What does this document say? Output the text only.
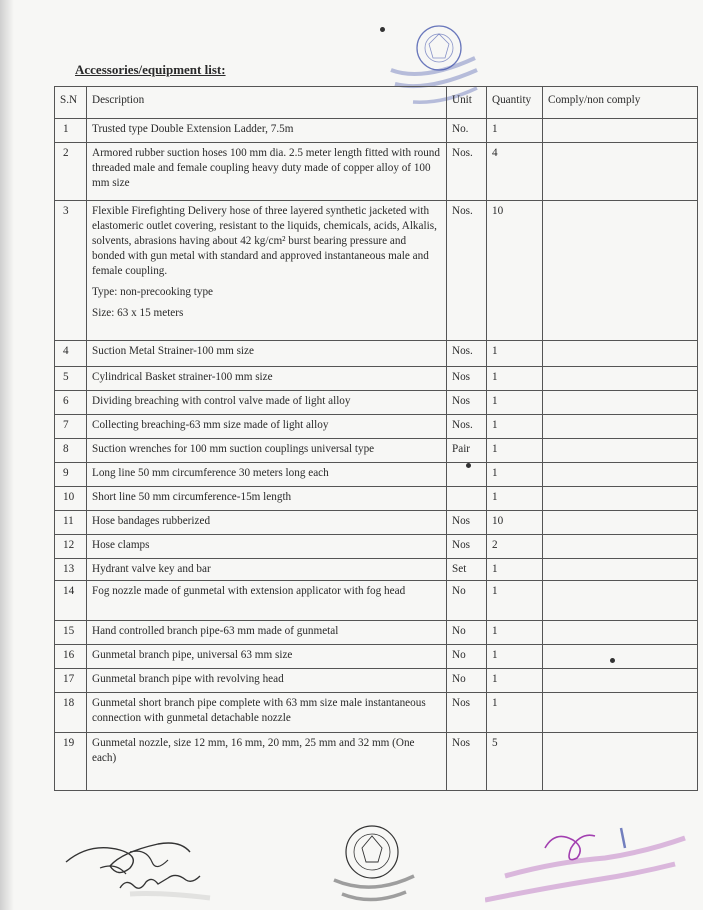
Accessories/equipment list:
S.N	Description	Unit	Quantity	Comply/non comply
1	Trusted type Double Extension Ladder, 7.5m	No.	1	
2	Armored rubber suction hoses 100 mm dia. 2.5 meter length fitted with round threaded male and female coupling heavy duty made of copper alloy of 100 mm size	Nos.	4	
3	Flexible Firefighting Delivery hose of three layered synthetic jacketed with elastomeric outlet covering, resistant to the liquids, chemicals, acids, Alkalis, solvents, abrasions having about 42 kg/cm² burst bearing pressure and bonded with gun metal with standard and approved instantaneous male and female coupling.

Type: non-precooking type

Size: 63 x 15 meters	Nos.	10	
4	Suction Metal Strainer-100 mm size	Nos.	1	
5	Cylindrical Basket strainer-100 mm size	Nos	1	
6	Dividing breaching with control valve made of light alloy	Nos	1	
7	Collecting breaching-63 mm size made of light alloy	Nos.	1	
8	Suction wrenches for 100 mm suction couplings universal type	Pair	1	
9	Long line 50 mm circumference 30 meters long each		1	
10	Short line 50 mm circumference-15m length		1	
11	Hose bandages rubberized	Nos	10	
12	Hose clamps	Nos	2	
13	Hydrant valve key and bar	Set	1	
14	Fog nozzle made of gunmetal with extension applicator with fog head	No	1	
15	Hand controlled branch pipe-63 mm made of gunmetal	No	1	
16	Gunmetal branch pipe, universal 63 mm size	No	1	
17	Gunmetal branch pipe with revolving head	No	1	
18	Gunmetal short branch pipe complete with 63 mm size male instantaneous connection with gunmetal detachable nozzle	Nos	1	
19	Gunmetal nozzle, size 12 mm, 16 mm, 20 mm, 25 mm and 32 mm (One each)	Nos	5	
